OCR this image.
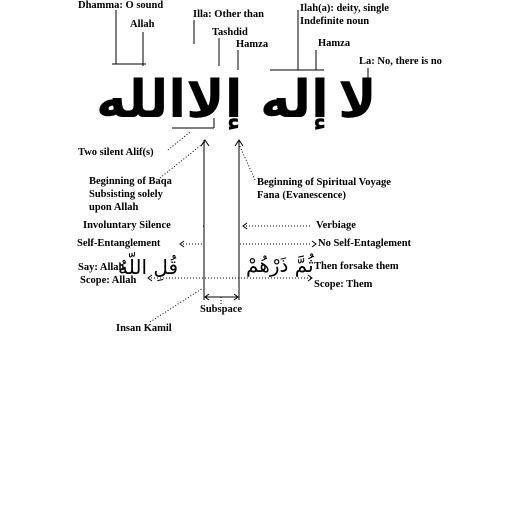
لا
إله
إلا
الله
Dhamma: O sound
Allah
Illa: Other than
Tashdid
Hamza
Ilah(a): deity, single
Indefinite noun
Hamza
La: No, there is no
Two silent Alif(s)
Beginning of Baqa
Subsisting solely
upon Allah
Beginning of Spiritual Voyage
Fana (Evanescence)
Involuntary Silence	Verbiage
Self-Entanglement	No Self-Entaglement
Say: Allah
قُلِ اللّهُ	ثُمَّ ذَرْهُمْ Then forsake them
Scope: Allah	Scope: Them
Subspace
Insan Kamil
